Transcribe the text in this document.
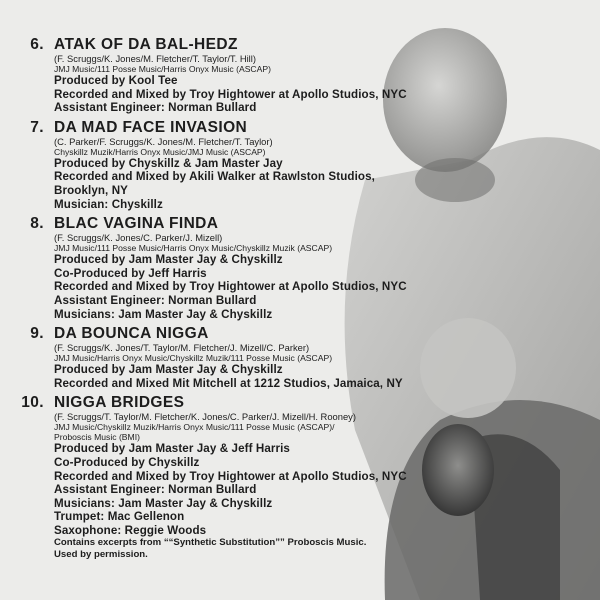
6. ATAK OF DA BAL-HEDZ
(F. Scruggs/K. Jones/M. Fletcher/T. Taylor/T. Hill)
JMJ Music/111 Posse Music/Harris Onyx Music (ASCAP)
Produced by Kool Tee
Recorded and Mixed by Troy Hightower at Apollo Studios, NYC
Assistant Engineer: Norman Bullard
7. DA MAD FACE INVASION
(C. Parker/F. Scruggs/K. Jones/M. Fletcher/T. Taylor)
Chyskillz Muzik/Harris Onyx Music/JMJ Music (ASCAP)
Produced by Chyskillz & Jam Master Jay
Recorded and Mixed by Akili Walker at Rawlston Studios,
Brooklyn, NY
Musician: Chyskillz
8. BLAC VAGINA FINDA
(F. Scruggs/K. Jones/C. Parker/J. Mizell)
JMJ Music/111 Posse Music/Harris Onyx Music/Chyskillz Muzik (ASCAP)
Produced by Jam Master Jay & Chyskillz
Co-Produced by Jeff Harris
Recorded and Mixed by Troy Hightower at Apollo Studios, NYC
Assistant Engineer: Norman Bullard
Musicians: Jam Master Jay & Chyskillz
9. DA BOUNCA NIGGA
(F. Scruggs/K. Jones/T. Taylor/M. Fletcher/J. Mizell/C. Parker)
JMJ Music/Harris Onyx Music/Chyskillz Muzik/111 Posse Music (ASCAP)
Produced by Jam Master Jay & Chyskillz
Recorded and Mixed Mit Mitchell at 1212 Studios, Jamaica, NY
10. NIGGA BRIDGES
(F. Scruggs/T. Taylor/M. Fletcher/K. Jones/C. Parker/J. Mizell/H. Rooney)
JMJ Music/Chyskillz Muzik/Harris Onyx Music/111 Posse Music (ASCAP)/
Proboscis Music (BMI)
Produced by Jam Master Jay & Jeff Harris
Co-Produced by Chyskillz
Recorded and Mixed by Troy Hightower at Apollo Studios, NYC
Assistant Engineer: Norman Bullard
Musicians: Jam Master Jay & Chyskillz
Trumpet: Mac Gellenon
Saxophone: Reggie Woods
Contains excerpts from ““Synthetic Substitution”” Proboscis Music.
Used by permission.
